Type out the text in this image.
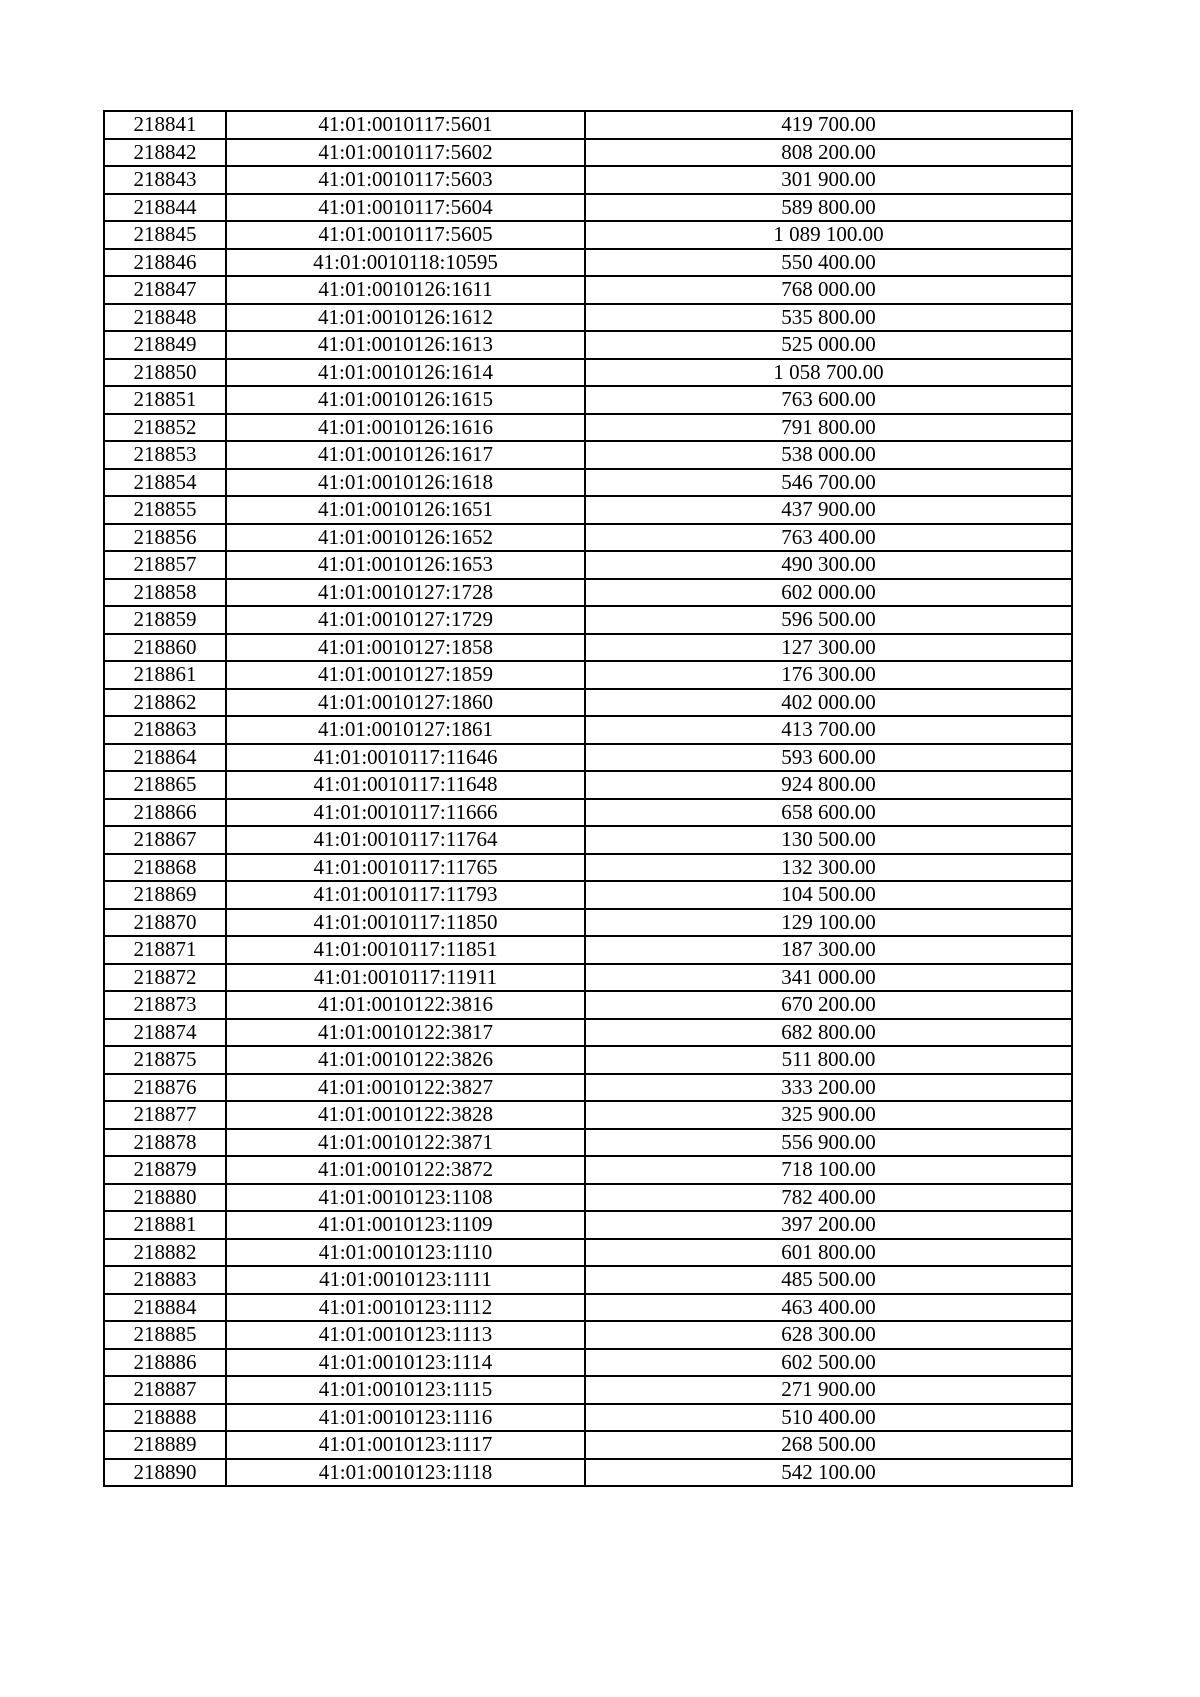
218841	41:01:0010117:5601	419 700.00
218842	41:01:0010117:5602	808 200.00
218843	41:01:0010117:5603	301 900.00
218844	41:01:0010117:5604	589 800.00
218845	41:01:0010117:5605	1 089 100.00
218846	41:01:0010118:10595	550 400.00
218847	41:01:0010126:1611	768 000.00
218848	41:01:0010126:1612	535 800.00
218849	41:01:0010126:1613	525 000.00
218850	41:01:0010126:1614	1 058 700.00
218851	41:01:0010126:1615	763 600.00
218852	41:01:0010126:1616	791 800.00
218853	41:01:0010126:1617	538 000.00
218854	41:01:0010126:1618	546 700.00
218855	41:01:0010126:1651	437 900.00
218856	41:01:0010126:1652	763 400.00
218857	41:01:0010126:1653	490 300.00
218858	41:01:0010127:1728	602 000.00
218859	41:01:0010127:1729	596 500.00
218860	41:01:0010127:1858	127 300.00
218861	41:01:0010127:1859	176 300.00
218862	41:01:0010127:1860	402 000.00
218863	41:01:0010127:1861	413 700.00
218864	41:01:0010117:11646	593 600.00
218865	41:01:0010117:11648	924 800.00
218866	41:01:0010117:11666	658 600.00
218867	41:01:0010117:11764	130 500.00
218868	41:01:0010117:11765	132 300.00
218869	41:01:0010117:11793	104 500.00
218870	41:01:0010117:11850	129 100.00
218871	41:01:0010117:11851	187 300.00
218872	41:01:0010117:11911	341 000.00
218873	41:01:0010122:3816	670 200.00
218874	41:01:0010122:3817	682 800.00
218875	41:01:0010122:3826	511 800.00
218876	41:01:0010122:3827	333 200.00
218877	41:01:0010122:3828	325 900.00
218878	41:01:0010122:3871	556 900.00
218879	41:01:0010122:3872	718 100.00
218880	41:01:0010123:1108	782 400.00
218881	41:01:0010123:1109	397 200.00
218882	41:01:0010123:1110	601 800.00
218883	41:01:0010123:1111	485 500.00
218884	41:01:0010123:1112	463 400.00
218885	41:01:0010123:1113	628 300.00
218886	41:01:0010123:1114	602 500.00
218887	41:01:0010123:1115	271 900.00
218888	41:01:0010123:1116	510 400.00
218889	41:01:0010123:1117	268 500.00
218890	41:01:0010123:1118	542 100.00
